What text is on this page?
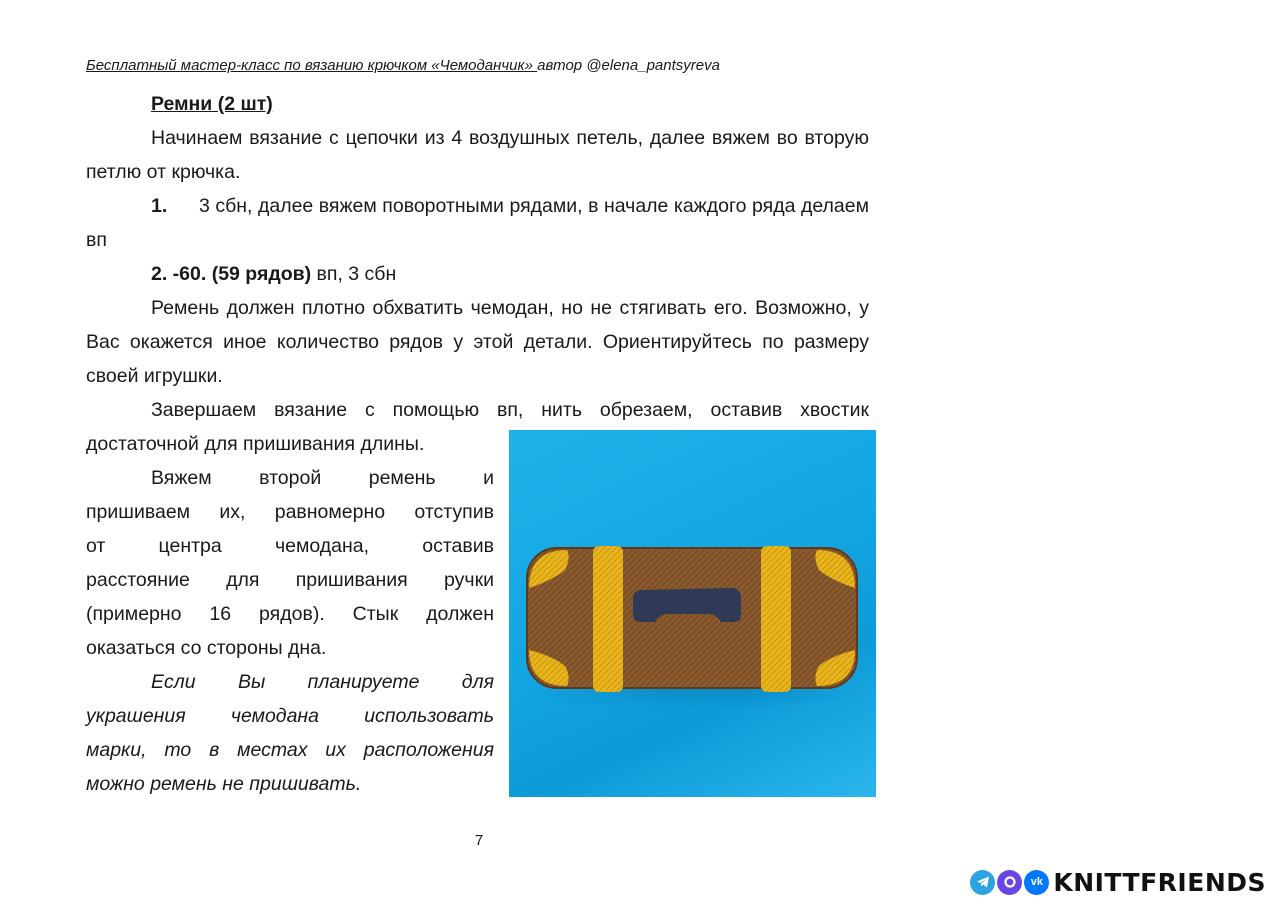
Бесплатный мастер-класс по вязанию крючком «Чемоданчик» автор @elena_pantsyreva

Ремни (2 шт)

Начинаем вязание с цепочки из 4 воздушных петель, далее вяжем во вторую петлю от крючка.

1. 3 сбн, далее вяжем поворотными рядами, в начале каждого ряда делаем вп

2. -60. (59 рядов) вп, 3 сбн

Ремень должен плотно обхватить чемодан, но не стягивать его. Возможно, у Вас окажется иное количество рядов у этой детали. Ориентируйтесь по размеру своей игрушки.

Завершаем вязание с помощью вп, нить обрезаем, оставив хвостик

достаточной для пришивания длины.

Вяжем второй ремень и

пришиваем их, равномерно отступив

от центра чемодана, оставив

расстояние для пришивания ручки

(примерно 16 рядов). Стык должен

оказаться со стороны дна.

Если Вы планируете для

украшения чемодана использовать

марки, то в местах их расположения

можно ремень не пришивать.

7
vk KNITTFRIENDS
